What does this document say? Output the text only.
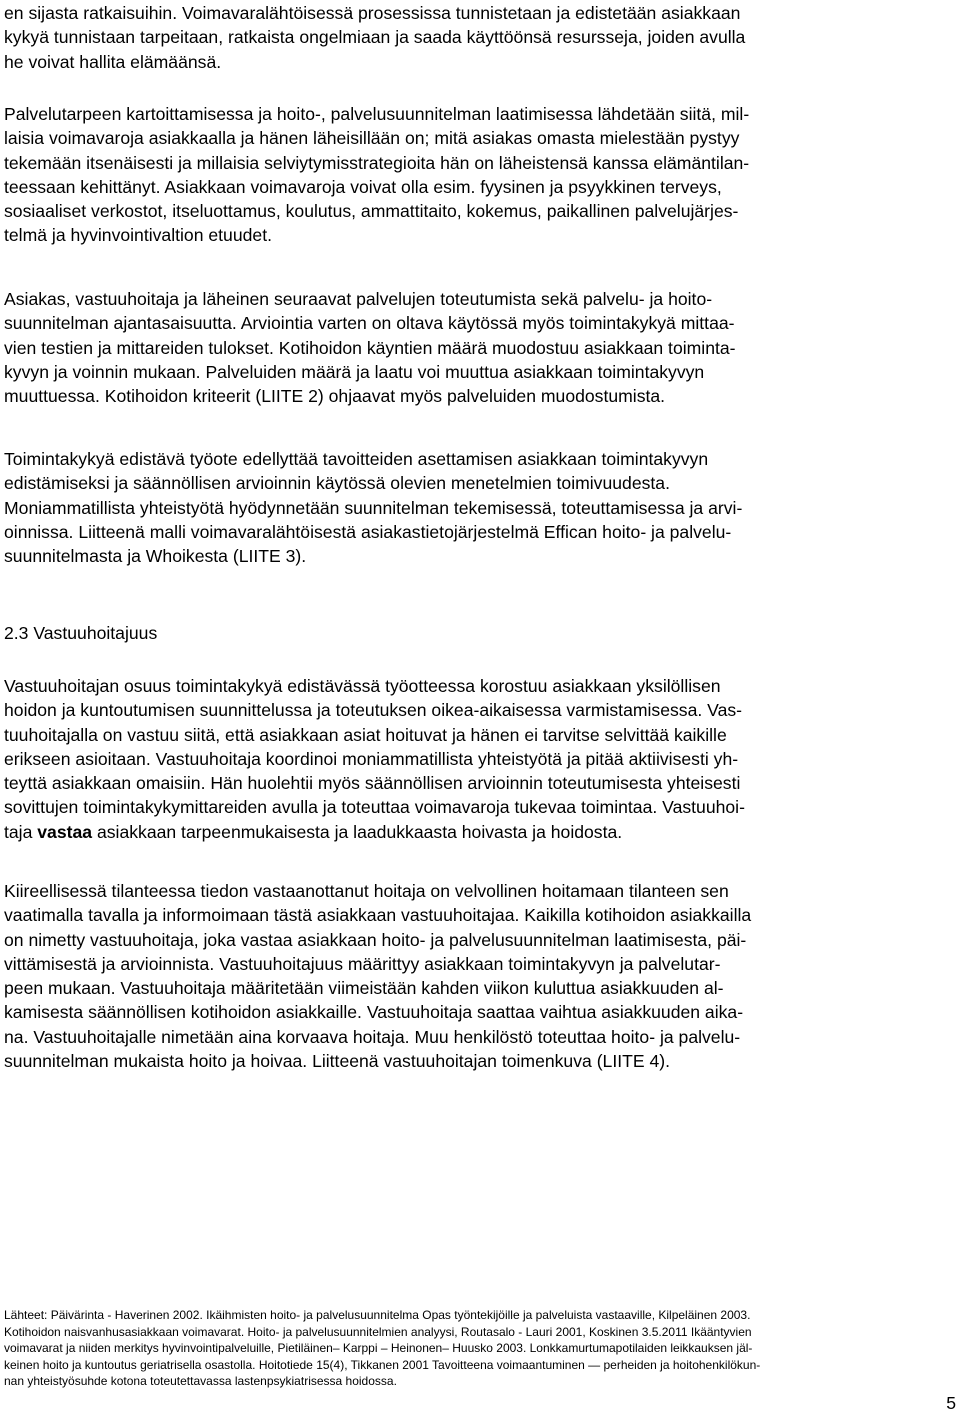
en sijasta ratkaisuihin. Voimavaralähtöisessä prosessissa tunnistetaan ja edistetään asiakkaan
kykyä tunnistaan tarpeitaan, ratkaista ongelmiaan ja saada käyttöönsä resursseja, joiden avulla
he voivat hallita elämäänsä.

Palvelutarpeen kartoittamisessa ja hoito-, palvelusuunnitelman laatimisessa lähdetään siitä, mil-
laisia voimavaroja asiakkaalla ja hänen läheisillään on; mitä asiakas omasta mielestään pystyy
tekemään itsenäisesti ja millaisia selviytymisstrategioita hän on läheistensä kanssa elämäntilan-
teessaan kehittänyt. Asiakkaan voimavaroja voivat olla esim. fyysinen ja psyykkinen terveys,
sosiaaliset verkostot, itseluottamus, koulutus, ammattitaito, kokemus, paikallinen palvelujärjes-
telmä ja hyvinvointivaltion etuudet.

Asiakas, vastuuhoitaja ja läheinen seuraavat palvelujen toteutumista sekä palvelu- ja hoito-
suunnitelman ajantasaisuutta. Arviointia varten on oltava käytössä myös toimintakykyä mittaa-
vien testien ja mittareiden tulokset. Kotihoidon käyntien määrä muodostuu asiakkaan toiminta-
kyvyn ja voinnin mukaan. Palveluiden määrä ja laatu voi muuttua asiakkaan toimintakyvyn
muuttuessa. Kotihoidon kriteerit (LIITE 2) ohjaavat myös palveluiden muodostumista.

Toimintakykyä edistävä työote edellyttää tavoitteiden asettamisen asiakkaan toimintakyvyn
edistämiseksi ja säännöllisen arvioinnin käytössä olevien menetelmien toimivuudesta.
Moniammatillista yhteistyötä hyödynnetään suunnitelman tekemisessä, toteuttamisessa ja arvi-
oinnissa. Liitteenä malli voimavaralähtöisestä asiakastietojärjestelmä Effican hoito- ja palvelu-
suunnitelmasta ja Whoikesta (LIITE 3).

2.3 Vastuuhoitajuus

Vastuuhoitajan osuus toimintakykyä edistävässä työotteessa korostuu asiakkaan yksilöllisen
hoidon ja kuntoutumisen suunnittelussa ja toteutuksen oikea-aikaisessa varmistamisessa. Vas-
tuuhoitajalla on vastuu siitä, että asiakkaan asiat hoituvat ja hänen ei tarvitse selvittää kaikille
erikseen asioitaan. Vastuuhoitaja koordinoi moniammatillista yhteistyötä ja pitää aktiivisesti yh-
teyttä asiakkaan omaisiin. Hän huolehtii myös säännöllisen arvioinnin toteutumisesta yhteisesti
sovittujen toimintakykymittareiden avulla ja toteuttaa voimavaroja tukevaa toimintaa. Vastuuhoi-
taja vastaa asiakkaan tarpeenmukaisesta ja laadukkaasta hoivasta ja hoidosta.

Kiireellisessä tilanteessa tiedon vastaanottanut hoitaja on velvollinen hoitamaan tilanteen sen
vaatimalla tavalla ja informoimaan tästä asiakkaan vastuuhoitajaa. Kaikilla kotihoidon asiakkailla
on nimetty vastuuhoitaja, joka vastaa asiakkaan hoito- ja palvelusuunnitelman laatimisesta, päi-
vittämisestä ja arvioinnista. Vastuuhoitajuus määrittyy asiakkaan toimintakyvyn ja palvelutar-
peen mukaan. Vastuuhoitaja määritetään viimeistään kahden viikon kuluttua asiakkuuden al-
kamisesta säännöllisen kotihoidon asiakkaille. Vastuuhoitaja saattaa vaihtua asiakkuuden aika-
na. Vastuuhoitajalle nimetään aina korvaava hoitaja. Muu henkilöstö toteuttaa hoito- ja palvelu-
suunnitelman mukaista hoito ja hoivaa. Liitteenä vastuuhoitajan toimenkuva (LIITE 4).

Lähteet: Päivärinta - Haverinen 2002. Ikäihmisten hoito- ja palvelusuunnitelma Opas työntekijöille ja palveluista vastaaville, Kilpeläinen 2003.
Kotihoidon naisvanhusasiakkaan voimavarat. Hoito- ja palvelusuunnitelmien analyysi, Routasalo - Lauri 2001, Koskinen 3.5.2011 Ikääntyvien
voimavarat ja niiden merkitys hyvinvointipalveluille, Pietiläinen– Karppi – Heinonen– Huusko 2003. Lonkkamurtumapotilaiden leikkauksen jäl-
keinen hoito ja kuntoutus geriatrisella osastolla. Hoitotiede 15(4), Tikkanen 2001 Tavoitteena voimaantuminen — perheiden ja hoitohenkilökun-
nan yhteistyösuhde kotona toteutettavassa lastenpsykiatrisessa hoidossa.
5
